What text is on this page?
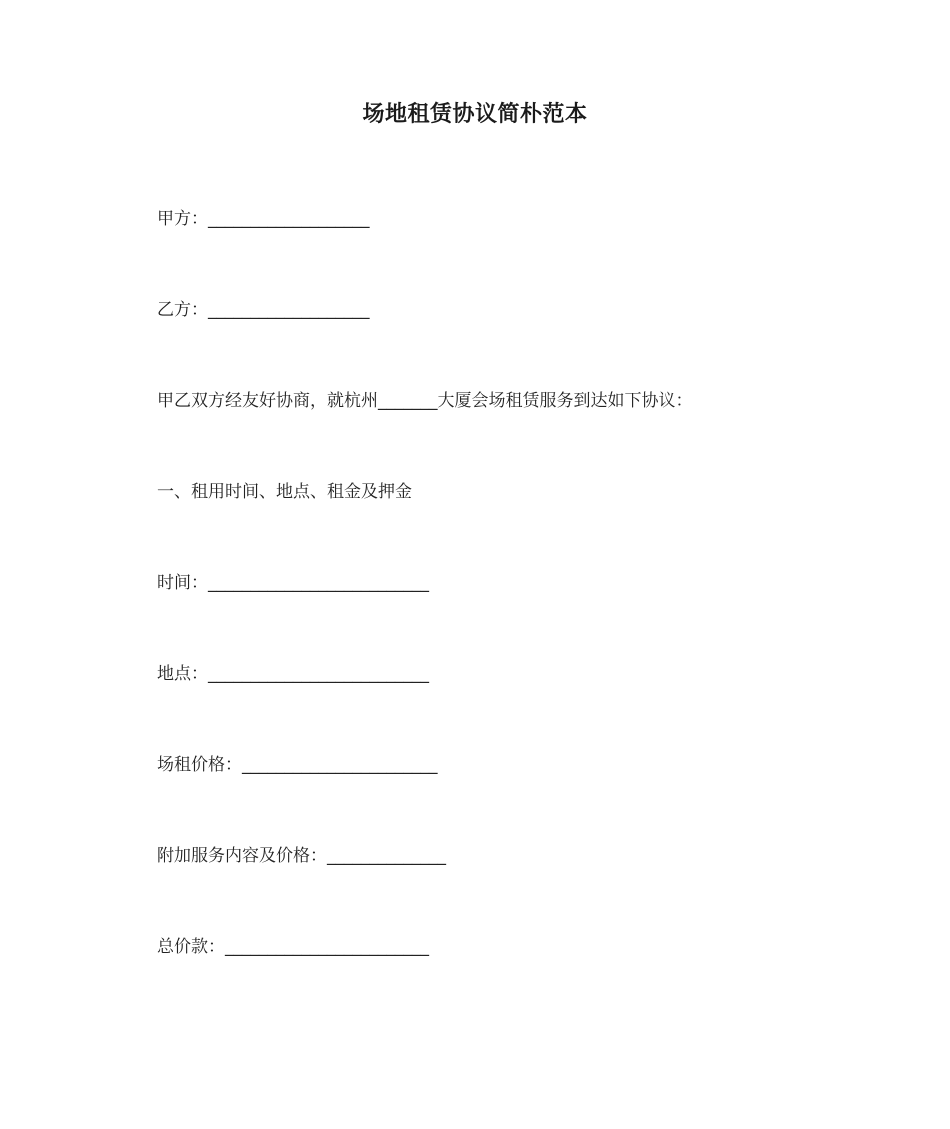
场地租赁协议简朴范本
甲方：___________________
乙方：___________________
甲乙双方经友好协商，就杭州_______大厦会场租赁服务到达如下协议：
一、租用时间、地点、租金及押金
时间：__________________________
地点：__________________________
场租价格：_______________________
附加服务内容及价格：______________
总价款：________________________
